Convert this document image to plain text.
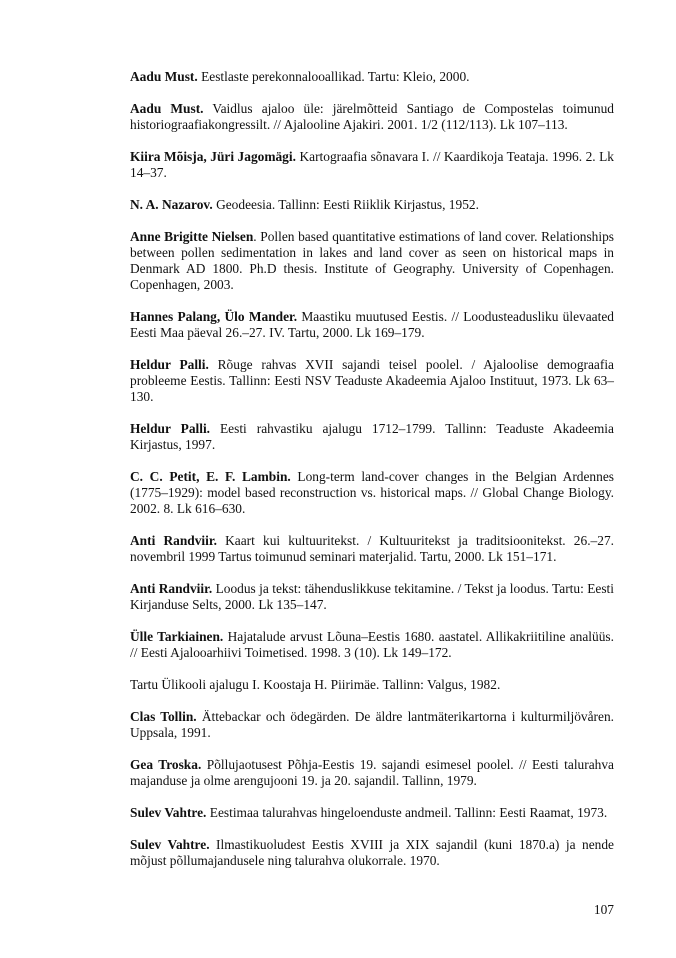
Aadu Must. Eestlaste perekonnalooallikad. Tartu: Kleio, 2000.

Aadu Must. Vaidlus ajaloo üle: järelmõtteid Santiago de Compostelas toimunud historiograafiakongressilt. // Ajalooline Ajakiri. 2001. 1/2 (112/113). Lk 107–113.

Kiira Mõisja, Jüri Jagomägi. Kartograafia sõnavara I. // Kaardikoja Teataja. 1996. 2. Lk 14–37.

N. A. Nazarov. Geodeesia. Tallinn: Eesti Riiklik Kirjastus, 1952.

Anne Brigitte Nielsen. Pollen based quantitative estimations of land cover. Relationships between pollen sedimentation in lakes and land cover as seen on historical maps in Denmark AD 1800. Ph.D thesis. Institute of Geography. University of Copenhagen. Copenhagen, 2003.

Hannes Palang, Ülo Mander. Maastiku muutused Eestis. // Loodusteadusliku ülevaated Eesti Maa päeval 26.–27. IV. Tartu, 2000. Lk 169–179.

Heldur Palli. Rõuge rahvas XVII sajandi teisel poolel. / Ajaloolise demograafia probleeme Eestis. Tallinn: Eesti NSV Teaduste Akadeemia Ajaloo Instituut, 1973. Lk 63–130.

Heldur Palli. Eesti rahvastiku ajalugu 1712–1799. Tallinn: Teaduste Akadeemia Kirjastus, 1997.

C. C. Petit, E. F. Lambin. Long-term land-cover changes in the Belgian Ardennes (1775–1929): model based reconstruction vs. historical maps. // Global Change Biology. 2002. 8. Lk 616–630.

Anti Randviir. Kaart kui kultuuritekst. / Kultuuritekst ja traditsioonitekst. 26.–27. novembril 1999 Tartus toimunud seminari materjalid. Tartu, 2000. Lk 151–171.

Anti Randviir. Loodus ja tekst: tähenduslikkuse tekitamine. / Tekst ja loodus. Tartu: Eesti Kirjanduse Selts, 2000. Lk 135–147.

Ülle Tarkiainen. Hajatalude arvust Lõuna–Eestis 1680. aastatel. Allikakriitiline analüüs. // Eesti Ajalooarhiivi Toimetised. 1998. 3 (10). Lk 149–172.

Tartu Ülikooli ajalugu I. Koostaja H. Piirimäe. Tallinn: Valgus, 1982.

Clas Tollin. Ättebackar och ödegärden. De äldre lantmäterikartorna i kulturmiljövåren. Uppsala, 1991.

Gea Troska. Põllujaotusest Põhja-Eestis 19. sajandi esimesel poolel. // Eesti talurahva majanduse ja olme arengujooni 19. ja 20. sajandil. Tallinn, 1979.

Sulev Vahtre. Eestimaa talurahvas hingeloenduste andmeil. Tallinn: Eesti Raamat, 1973.

Sulev Vahtre. Ilmastikuoludest Eestis XVIII ja XIX sajandil (kuni 1870.a) ja nende mõjust põllumajandusele ning talurahva olukorrale. 1970.

107
